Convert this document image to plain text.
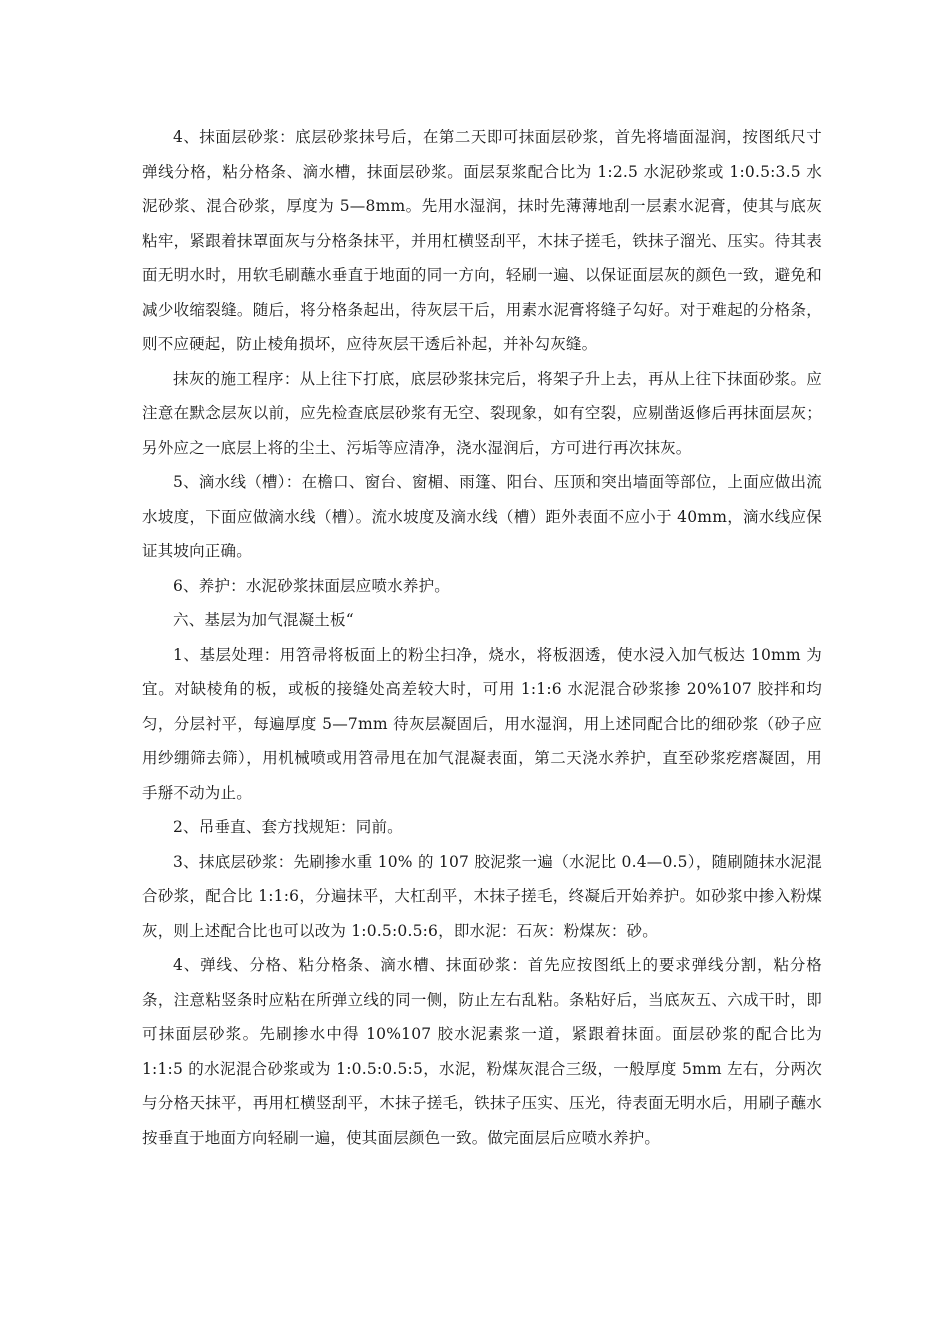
4、抹面层砂浆：底层砂浆抹号后，在第二天即可抹面层砂浆，首先将墙面湿润，按图纸尺寸弹线分格，粘分格条、滴水槽，抹面层砂浆。面层泵浆配合比为 1:2.5 水泥砂浆或 1:0.5:3.5 水泥砂浆、混合砂浆，厚度为 5—8mm。先用水湿润，抹时先薄薄地刮一层素水泥膏，使其与底灰粘牢，紧跟着抹罩面灰与分格条抹平，并用杠横竖刮平，木抹子搓毛，铁抹子溜光、压实。待其表面无明水时，用软毛刷蘸水垂直于地面的同一方向，轻刷一遍、以保证面层灰的颜色一致，避免和减少收缩裂缝。随后，将分格条起出，待灰层干后，用素水泥膏将缝子勾好。对于难起的分格条，则不应硬起，防止棱角损坏，应待灰层干透后补起，并补勾灰缝。

抹灰的施工程序：从上往下打底，底层砂浆抹完后，将架子升上去，再从上往下抹面砂浆。应注意在默念层灰以前，应先检查底层砂浆有无空、裂现象，如有空裂，应剔凿返修后再抹面层灰；另外应之一底层上将的尘土、污垢等应清净，浇水湿润后，方可进行再次抹灰。

5、滴水线（槽）：在檐口、窗台、窗楣、雨篷、阳台、压顶和突出墙面等部位，上面应做出流水坡度，下面应做滴水线（槽）。流水坡度及滴水线（槽）距外表面不应小于 40mm，滴水线应保证其坡向正确。

6、养护：水泥砂浆抹面层应喷水养护。

六、基层为加气混凝土板“

1、基层处理：用笤帚将板面上的粉尘扫净，烧水，将板洇透，使水浸入加气板达 10mm 为宜。对缺棱角的板，或板的接缝处高差较大时，可用 1:1:6 水泥混合砂浆掺 20%107 胶拌和均匀，分层衬平，每遍厚度 5—7mm 待灰层凝固后，用水湿润，用上述同配合比的细砂浆（砂子应用纱绷筛去筛），用机械喷或用笤帚甩在加气混凝表面，第二天浇水养护，直至砂浆疙瘩凝固，用手掰不动为止。

2、吊垂直、套方找规矩：同前。

3、抹底层砂浆：先刷掺水重 10% 的 107 胶泥浆一遍（水泥比 0.4—0.5），随刷随抹水泥混合砂浆，配合比 1:1:6，分遍抹平，大杠刮平，木抹子搓毛，终凝后开始养护。如砂浆中掺入粉煤灰，则上述配合比也可以改为 1:0.5:0.5:6，即水泥：石灰：粉煤灰：砂。

4、弹线、分格、粘分格条、滴水槽、抹面砂浆：首先应按图纸上的要求弹线分割，粘分格条，注意粘竖条时应粘在所弹立线的同一侧，防止左右乱粘。条粘好后，当底灰五、六成干时，即可抹面层砂浆。先刷掺水中得 10%107 胶水泥素浆一道，紧跟着抹面。面层砂浆的配合比为 1:1:5 的水泥混合砂浆或为 1:0.5:0.5:5，水泥，粉煤灰混合三级，一般厚度 5mm 左右，分两次与分格天抹平，再用杠横竖刮平，木抹子搓毛，铁抹子压实、压光，待表面无明水后，用刷子蘸水按垂直于地面方向轻刷一遍，使其面层颜色一致。做完面层后应喷水养护。
